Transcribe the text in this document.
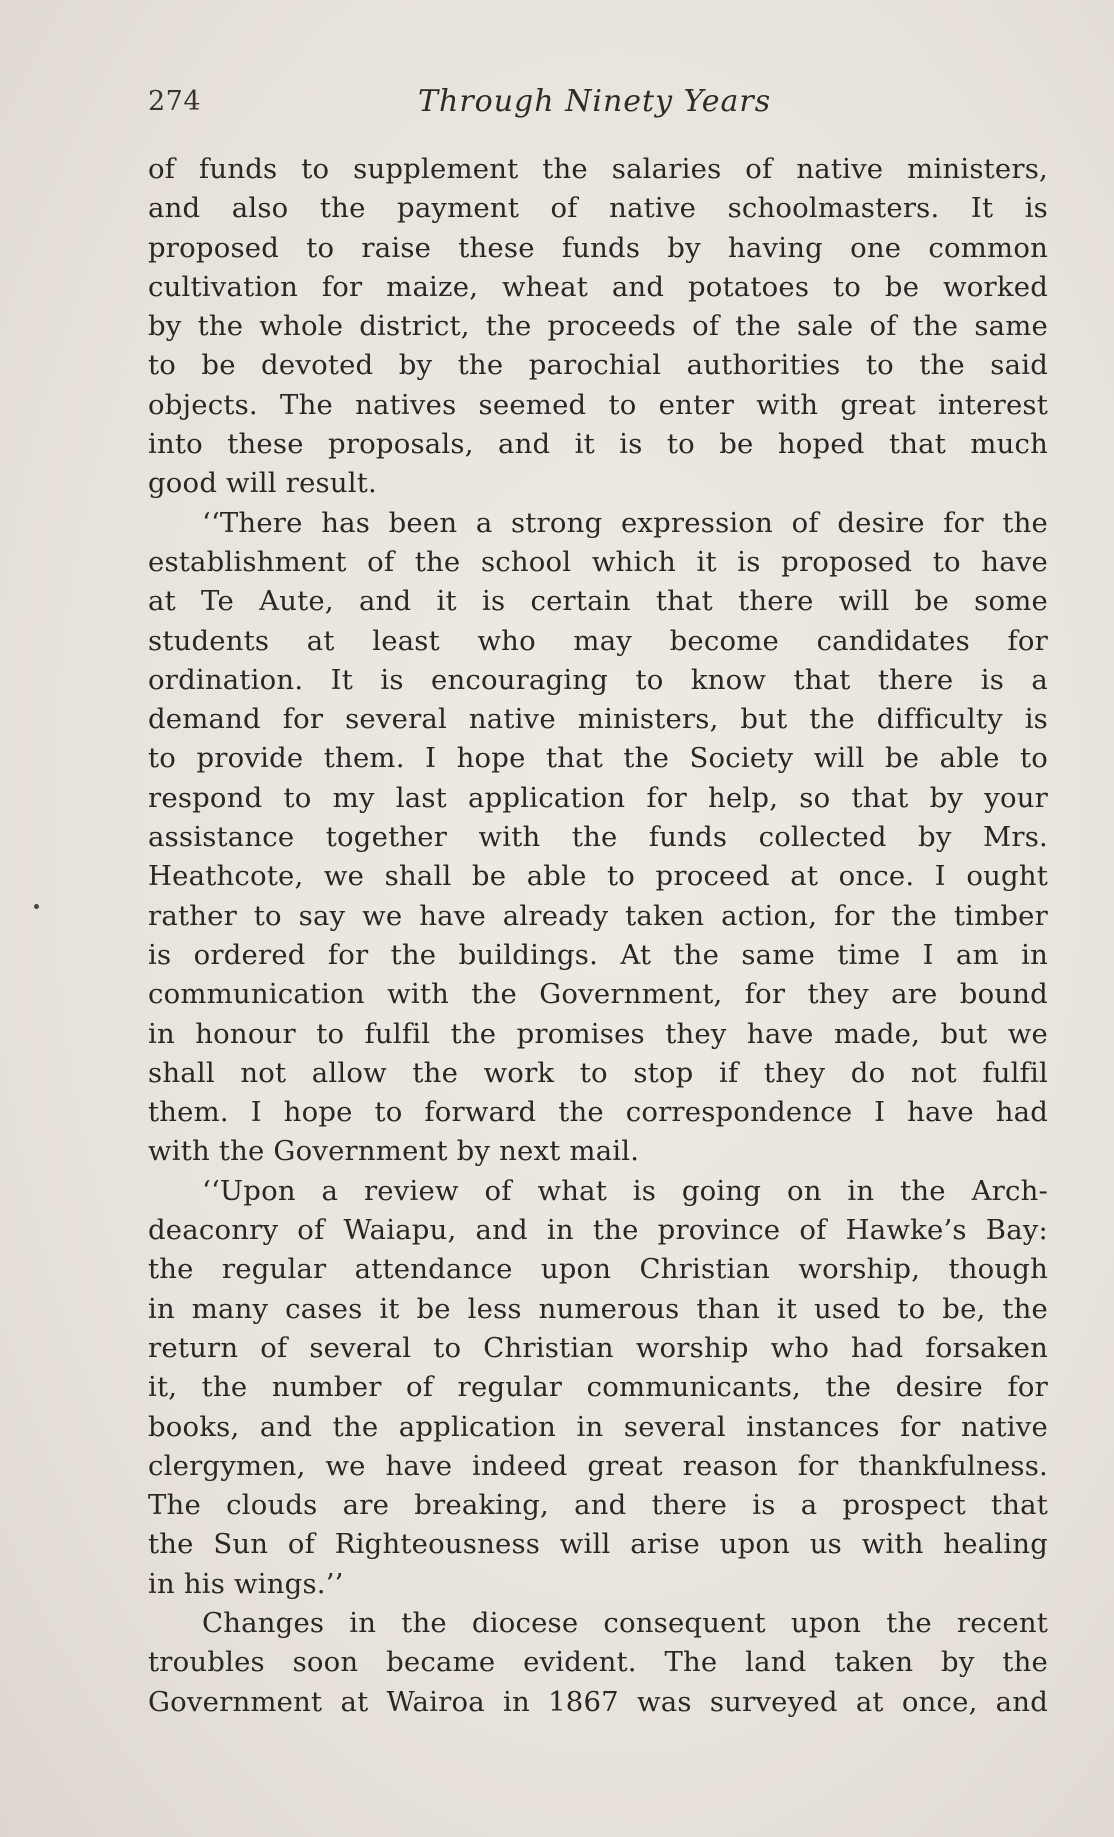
274	Through Ninety Years
of funds to supplement the salaries of native ministers,
and also the payment of native schoolmasters. It is
proposed to raise these funds by having one common
cultivation for maize, wheat and potatoes to be worked
by the whole district, the proceeds of the sale of the same
to be devoted by the parochial authorities to the said
objects. The natives seemed to enter with great interest
into these proposals, and it is to be hoped that much
good will result.
‘‘There has been a strong expression of desire for the
establishment of the school which it is proposed to have
at Te Aute, and it is certain that there will be some
students at least who may become candidates for
ordination. It is encouraging to know that there is a
demand for several native ministers, but the difficulty is
to provide them. I hope that the Society will be able to
respond to my last application for help, so that by your
assistance together with the funds collected by Mrs.
Heathcote, we shall be able to proceed at once. I ought
rather to say we have already taken action, for the timber
is ordered for the buildings. At the same time I am in
communication with the Government, for they are bound
in honour to fulfil the promises they have made, but we
shall not allow the work to stop if they do not fulfil
them. I hope to forward the correspondence I have had
with the Government by next mail.
‘‘Upon a review of what is going on in the Arch-
deaconry of Waiapu, and in the province of Hawke’s Bay:
the regular attendance upon Christian worship, though
in many cases it be less numerous than it used to be, the
return of several to Christian worship who had forsaken
it, the number of regular communicants, the desire for
books, and the application in several instances for native
clergymen, we have indeed great reason for thankfulness.
The clouds are breaking, and there is a prospect that
the Sun of Righteousness will arise upon us with healing
in his wings.’’
Changes in the diocese consequent upon the recent
troubles soon became evident. The land taken by the
Government at Wairoa in 1867 was surveyed at once, and
